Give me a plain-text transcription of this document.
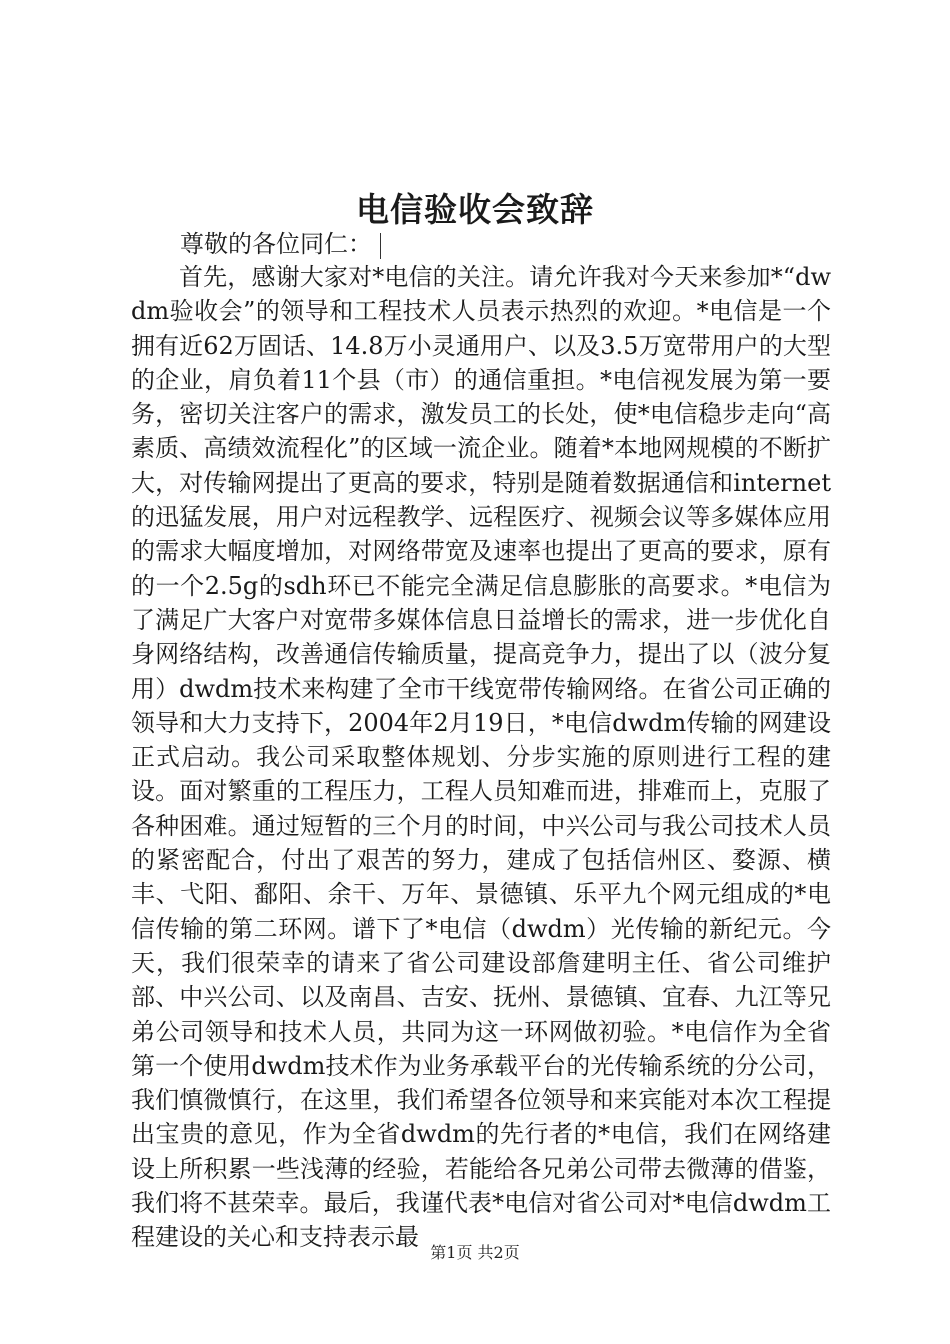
电信验收会致辞

尊敬的各位同仁：

首先，感谢大家对*电信的关注。请允许我对今天来参加*“dwdm验收会”的领导和工程技术人员表示热烈的欢迎。*电信是一个拥有近62万固话、14.8万小灵通用户、以及3.5万宽带用户的大型的企业，肩负着11个县（市）的通信重担。*电信视发展为第一要务，密切关注客户的需求，激发员工的长处，使*电信稳步走向“高素质、高绩效流程化”的区域一流企业。随着*本地网规模的不断扩大，对传输网提出了更高的要求，特别是随着数据通信和internet的迅猛发展，用户对远程教学、远程医疗、视频会议等多媒体应用的需求大幅度增加，对网络带宽及速率也提出了更高的要求，原有的一个2.5g的sdh环已不能完全满足信息膨胀的高要求。*电信为了满足广大客户对宽带多媒体信息日益增长的需求，进一步优化自身网络结构，改善通信传输质量，提高竞争力，提出了以（波分复用）dwdm技术来构建了全市干线宽带传输网络。在省公司正确的领导和大力支持下，2004年2月19日，*电信dwdm传输的网建设正式启动。我公司采取整体规划、分步实施的原则进行工程的建设。面对繁重的工程压力，工程人员知难而进，排难而上，克服了各种困难。通过短暂的三个月的时间，中兴公司与我公司技术人员的紧密配合，付出了艰苦的努力，建成了包括信州区、婺源、横丰、弋阳、鄱阳、余干、万年、景德镇、乐平九个网元组成的*电信传输的第二环网。谱下了*电信（dwdm）光传输的新纪元。今天，我们很荣幸的请来了省公司建设部詹建明主任、省公司维护部、中兴公司、以及南昌、吉安、抚州、景德镇、宜春、九江等兄弟公司领导和技术人员，共同为这一环网做初验。*电信作为全省第一个使用dwdm技术作为业务承载平台的光传输系统的分公司，我们慎微慎行，在这里，我们希望各位领导和来宾能对本次工程提出宝贵的意见，作为全省dwdm的先行者的*电信，我们在网络建设上所积累一些浅薄的经验，若能给各兄弟公司带去微薄的借鉴，我们将不甚荣幸。最后，我谨代表*电信对省公司对*电信dwdm工程建设的关心和支持表示最

第1页 共2页
